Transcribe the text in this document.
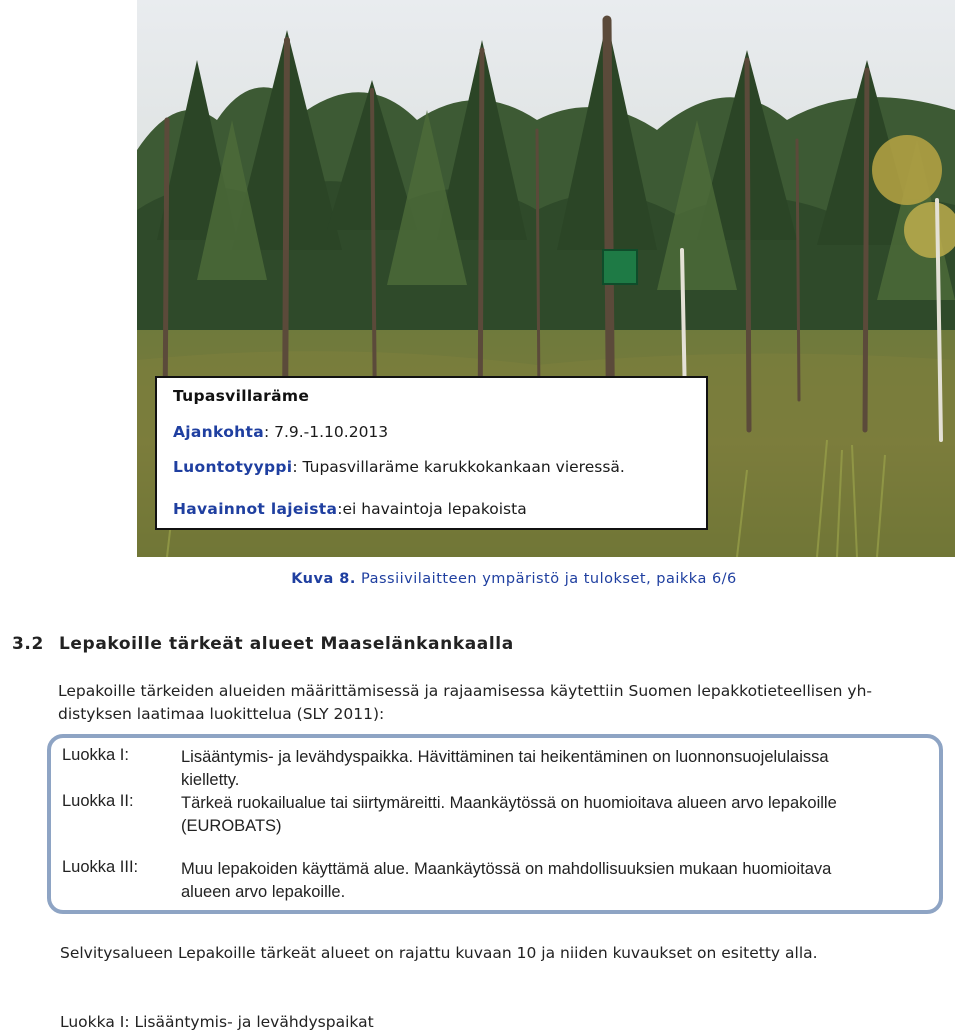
Tupasvillaräme
Ajankohta: 7.9.-1.10.2013
Luontotyyppi: Tupasvillaräme karukkokankaan vieressä.
Havainnot lajeista:ei havaintoja lepakoista
Kuva 8. Passiivilaitteen ympäristö ja tulokset, paikka 6/6
3.2 Lepakoille tärkeät alueet Maaselänkankaalla
Lepakoille tärkeiden alueiden määrittämisessä ja rajaamisessa käytettiin Suomen lepakkotieteellisen yh-
distyksen laatimaa luokittelua (SLY 2011):
Luokka I:	Lisääntymis- ja levähdyspaikka. Hävittäminen tai heikentäminen on luonnonsuojelulaissa
kielletty.
Luokka II:	Tärkeä ruokailualue tai siirtymäreitti. Maankäytössä on huomioitava alueen arvo lepakoille
(EUROBATS)
Luokka III:	Muu lepakoiden käyttämä alue. Maankäytössä on mahdollisuuksien mukaan huomioitava
alueen arvo lepakoille.
Selvitysalueen Lepakoille tärkeät alueet on rajattu kuvaan 10 ja niiden kuvaukset on esitetty alla.
Luokka I: Lisääntymis- ja levähdyspaikat
